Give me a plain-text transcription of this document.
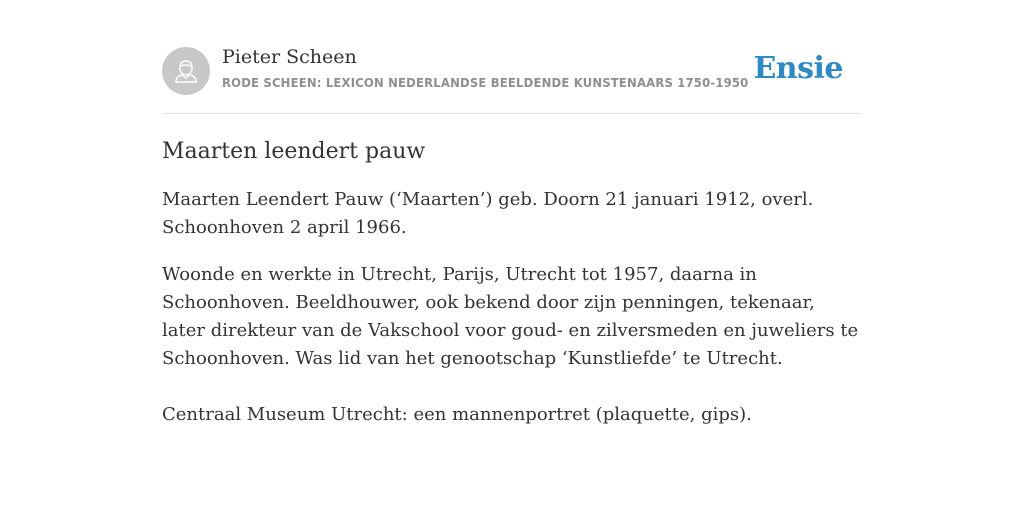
Pieter Scheen
RODE SCHEEN: LEXICON NEDERLANDSE BEELDENDE KUNSTENAARS 1750-1950 Ensie
Maarten leendert pauw

Maarten Leendert Pauw (‘Maarten’) geb. Doorn 21 januari 1912, overl. Schoonhoven 2 april 1966.

Woonde en werkte in Utrecht, Parijs, Utrecht tot 1957, daarna in Schoonhoven. Beeldhouwer, ook bekend door zijn penningen, tekenaar, later direkteur van de Vakschool voor goud- en zilversmeden en juweliers te Schoonhoven. Was lid van het genootschap ‘Kunstliefde’ te Utrecht.

Centraal Museum Utrecht: een mannenportret (plaquette, gips).
